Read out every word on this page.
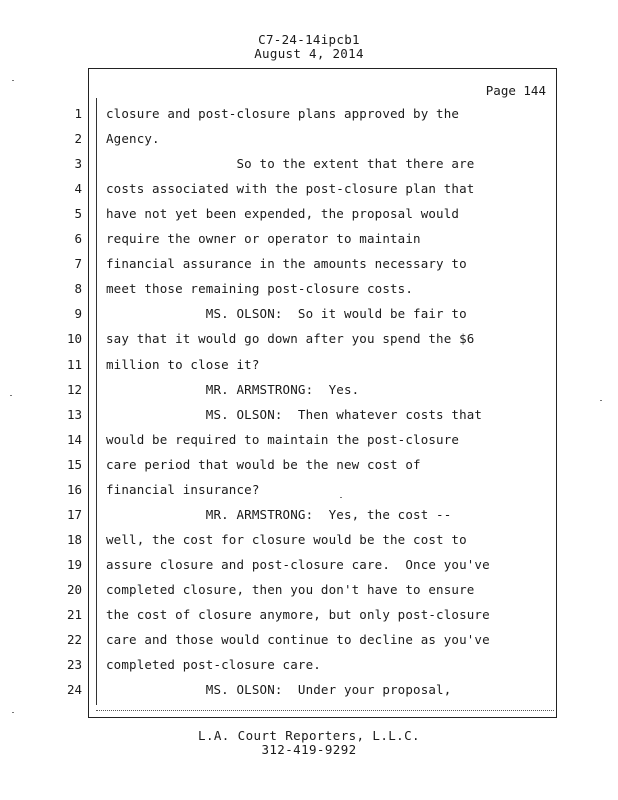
C7-24-14ipcb1
August 4, 2014
Page 144
1 closure and post-closure plans approved by the
2 Agency.
3 So to the extent that there are
4 costs associated with the post-closure plan that
5 have not yet been expended, the proposal would
6 require the owner or operator to maintain
7 financial assurance in the amounts necessary to
8 meet those remaining post-closure costs.
9 MS. OLSON:  So it would be fair to
10 say that it would go down after you spend the $6
11 million to close it?
12 MR. ARMSTRONG:  Yes.
13 MS. OLSON:  Then whatever costs that
14 would be required to maintain the post-closure
15 care period that would be the new cost of
16 financial insurance?
17 MR. ARMSTRONG:  Yes, the cost --
18 well, the cost for closure would be the cost to
19 assure closure and post-closure care.  Once you've
20 completed closure, then you don't have to ensure
21 the cost of closure anymore, but only post-closure
22 care and those would continue to decline as you've
23 completed post-closure care.
24 MS. OLSON:  Under your proposal,
L.A. Court Reporters, L.L.C.
312-419-9292
